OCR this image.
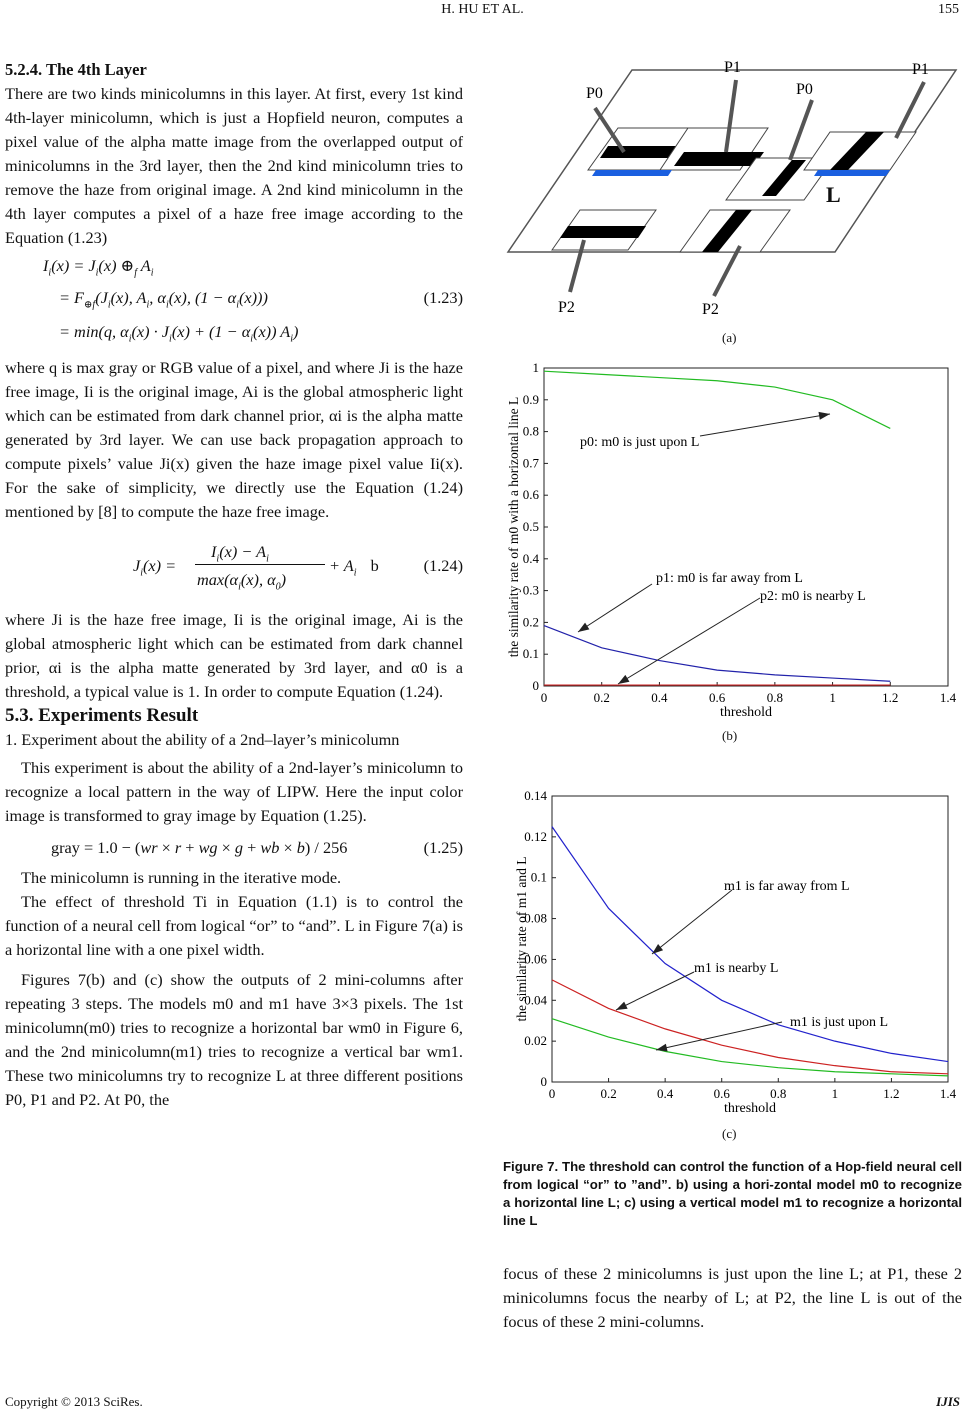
H. HU ET AL.	155

5.2.4. The 4th Layer

There are two kinds minicolumns in this layer. At first, every 1st kind 4th-layer minicolumn, which is just a Hopfield neuron, computes a pixel value of the alpha matte image from the overlapped output of minicolumns in the 3rd layer, then the 2nd kind minicolumn tries to remove the haze from original image. A 2nd kind minicolumn in the 4th layer computes a pixel of a haze free image according to the Equation (1.23)

$I_i(x) = J_i(x)$ $\oplus_f$ $A_i$
= $F_{\oplus f}(J_i(x)$, $A_i$, $\alpha_i(x)$, $(1 - \alpha_i(x))$)
= min(q, $\alpha_i(x) \cdot J_i(x) + (1 - \alpha_i(x))$ $A_i$)
(1.23)

where q is max gray or RGB value of a pixel, and where Ji is the haze free image, Ii is the original image, Ai is the global atmospheric light which can be estimated from dark channel prior, αi is the alpha matte generated by 3rd layer. We can use back propagation approach to compute pixels’ value Ji(x) given the haze image pixel value Ii(x). For the sake of simplicity, we directly use the Equation (1.24) mentioned by [8] to compute the haze free image.

$I_i(x) - A_i$
$J_i(x)$ =
$\max(\alpha_i(x)$, $\alpha_0$)
+ $A_i$ b	(1.24)

where Ji is the haze free image, Ii is the original image, Ai is the global atmospheric light which can be estimated from dark channel prior, αi is the alpha matte generated by 3rd layer, and α0 is a threshold, a typical value is 1. In order to compute Equation (1.24).

5.3. Experiments Result

1. Experiment about the ability of a 2nd–layer’s minicolumn

This experiment is about the ability of a 2nd-layer’s minicolumn to recognize a local pattern in the way of LIPW. Here the input color image is transformed to gray image by Equation (1.25).

gray = 1.0 − (wr × r + wg × g + wb × b) / 256	(1.25)

The minicolumn is running in the iterative mode.

The effect of threshold Ti in Equation (1.1) is to control the function of a neural cell from logical “or” to “and”. L in Figure 7(a) is a horizontal line with a one pixel width.

Figures 7(b) and (c) show the outputs of 2 mini-columns after repeating 3 steps. The models m0 and m1 have 3×3 pixels. The 1st minicolumn(m0) tries to recognize a horizontal bar wm0 in Figure 6, and the 2nd minicolumn(m1) tries to recognize a vertical bar wm1. These two minicolumns try to recognize L at three different positions P0, P1 and P2. At P0, the

L
P0
P1
P0
P1
P2	P2
(a)
0	0.2	0.4	0.6	0.8	1	1.2	1.4
0
0.1
0.2
0.3
0.4
0.5
0.6
0.7
0.8
0.9
1
threshold
the similarity rate of m0 with a horizontal line L	p0: m0 is just upon L
p1: m0 is far away from L
p2: m0 is nearby L
(b)
0	0.2	0.4	0.6	0.8	1	1.2	1.4
0
0.02
0.04
0.06
0.08
0.1
0.12
0.14
threshold
the similarity rate of m1 and L	m1 is far away from L
m1 is nearby L
m1 is just upon L
(c)
Figure 7. The threshold can control the function of a Hop-field neural cell from logical “or” to ”and”. b) using a hori-zontal model m0 to recognize a horizontal line L; c) using a vertical model m1 to recognize a horizontal line L
focus of these 2 minicolumns is just upon the line L; at P1, these 2 minicolumns focus the nearby of L; at P2, the line L is out of the focus of these 2 mini-columns.
Copyright © 2013 SciRes.	IJIS
